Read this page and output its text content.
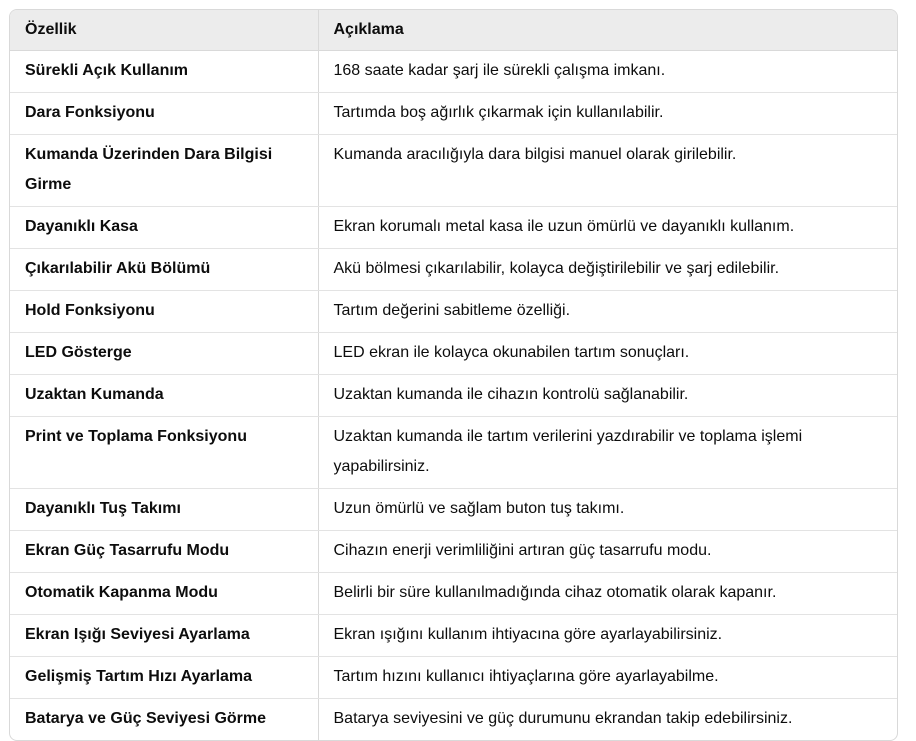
Özellik	Açıklama
Sürekli Açık Kullanım	168 saate kadar şarj ile sürekli çalışma imkanı.
Dara Fonksiyonu	Tartımda boş ağırlık çıkarmak için kullanılabilir.
Kumanda Üzerinden Dara Bilgisi Girme	Kumanda aracılığıyla dara bilgisi manuel olarak girilebilir.
Dayanıklı Kasa	Ekran korumalı metal kasa ile uzun ömürlü ve dayanıklı kullanım.
Çıkarılabilir Akü Bölümü	Akü bölmesi çıkarılabilir, kolayca değiştirilebilir ve şarj edilebilir.
Hold Fonksiyonu	Tartım değerini sabitleme özelliği.
LED Gösterge	LED ekran ile kolayca okunabilen tartım sonuçları.
Uzaktan Kumanda	Uzaktan kumanda ile cihazın kontrolü sağlanabilir.
Print ve Toplama Fonksiyonu	Uzaktan kumanda ile tartım verilerini yazdırabilir ve toplama işlemi yapabilirsiniz.
Dayanıklı Tuş Takımı	Uzun ömürlü ve sağlam buton tuş takımı.
Ekran Güç Tasarrufu Modu	Cihazın enerji verimliliğini artıran güç tasarrufu modu.
Otomatik Kapanma Modu	Belirli bir süre kullanılmadığında cihaz otomatik olarak kapanır.
Ekran Işığı Seviyesi Ayarlama	Ekran ışığını kullanım ihtiyacına göre ayarlayabilirsiniz.
Gelişmiş Tartım Hızı Ayarlama	Tartım hızını kullanıcı ihtiyaçlarına göre ayarlayabilme.
Batarya ve Güç Seviyesi Görme	Batarya seviyesini ve güç durumunu ekrandan takip edebilirsiniz.
